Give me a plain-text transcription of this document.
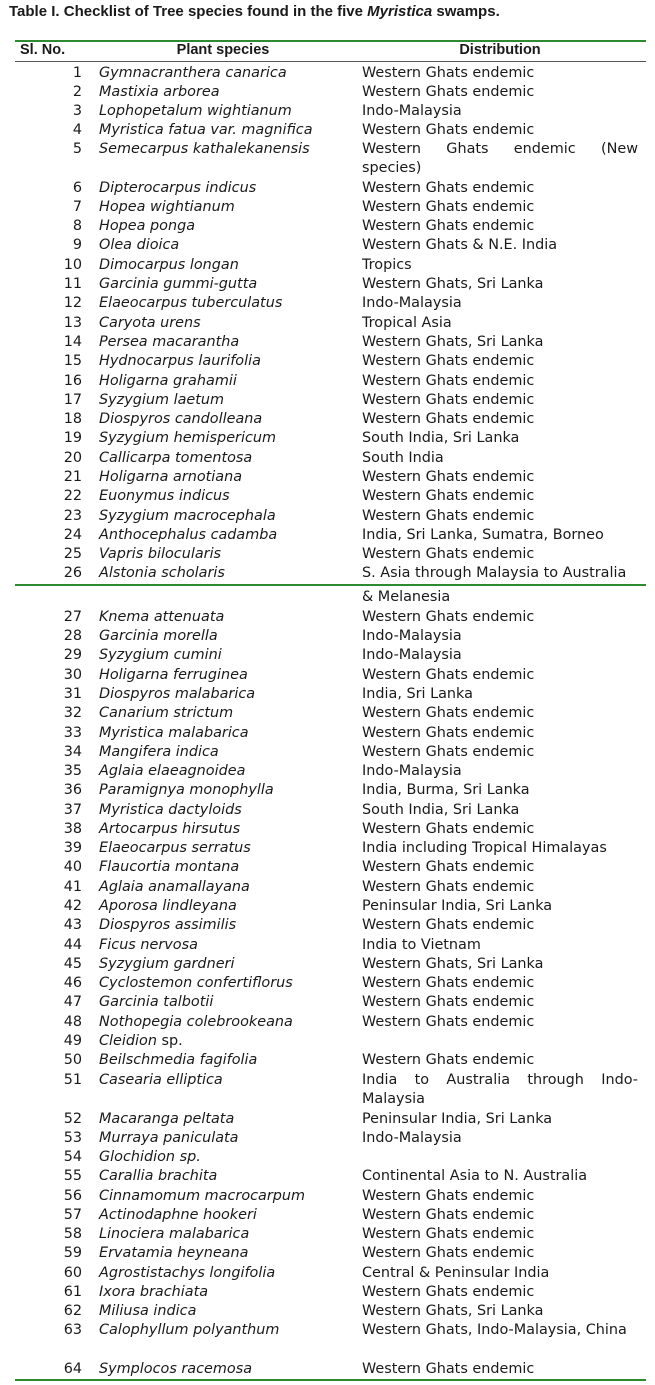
Table I. Checklist of Tree species found in the five Myristica swamps.
Sl. No.	Plant species	Distribution
1 Gymnacranthera canarica	Western Ghats endemic
2 Mastixia arborea	Western Ghats endemic
3 Lophopetalum wightianum	Indo-Malaysia
4 Myristica fatua var. magnifica	Western Ghats endemic
5 Semecarpus kathalekanensis	Western Ghats endemic (New species)
6 Dipterocarpus indicus	Western Ghats endemic
7 Hopea wightianum	Western Ghats endemic
8 Hopea ponga	Western Ghats endemic
9 Olea dioica	Western Ghats & N.E. India
10 Dimocarpus longan	Tropics
11 Garcinia gummi-gutta	Western Ghats, Sri Lanka
12 Elaeocarpus tuberculatus	Indo-Malaysia
13 Caryota urens	Tropical Asia
14 Persea macarantha	Western Ghats, Sri Lanka
15 Hydnocarpus laurifolia	Western Ghats endemic
16 Holigarna grahamii	Western Ghats endemic
17 Syzygium laetum	Western Ghats endemic
18 Diospyros candolleana	Western Ghats endemic
19 Syzygium hemispericum	South India, Sri Lanka
20 Callicarpa tomentosa	South India
21 Holigarna arnotiana	Western Ghats endemic
22 Euonymus indicus	Western Ghats endemic
23 Syzygium macrocephala	Western Ghats endemic
24 Anthocephalus cadamba	India, Sri Lanka, Sumatra, Borneo
25 Vapris bilocularis	Western Ghats endemic
26 Alstonia scholaris	S. Asia through Malaysia to Australia
& Melanesia
27 Knema attenuata	Western Ghats endemic
28 Garcinia morella	Indo-Malaysia
29 Syzygium cumini	Indo-Malaysia
30 Holigarna ferruginea	Western Ghats endemic
31 Diospyros malabarica	India, Sri Lanka
32 Canarium strictum	Western Ghats endemic
33 Myristica malabarica	Western Ghats endemic
34 Mangifera indica	Western Ghats endemic
35 Aglaia elaeagnoidea	Indo-Malaysia
36 Paramignya monophylla	India, Burma, Sri Lanka
37 Myristica dactyloids	South India, Sri Lanka
38 Artocarpus hirsutus	Western Ghats endemic
39 Elaeocarpus serratus	India including Tropical Himalayas
40 Flaucortia montana	Western Ghats endemic
41 Aglaia anamallayana	Western Ghats endemic
42 Aporosa lindleyana	Peninsular India, Sri Lanka
43 Diospyros assimilis	Western Ghats endemic
44 Ficus nervosa	India to Vietnam
45 Syzygium gardneri	Western Ghats, Sri Lanka
46 Cyclostemon confertiflorus	Western Ghats endemic
47 Garcinia talbotii	Western Ghats endemic
48 Nothopegia colebrookeana	Western Ghats endemic
49 Cleidion sp.
50 Beilschmedia fagifolia	Western Ghats endemic
51 Casearia elliptica	India to Australia through Indo-Malaysia
52 Macaranga peltata	Peninsular India, Sri Lanka
53 Murraya paniculata	Indo-Malaysia
54 Glochidion sp.
55 Carallia brachita	Continental Asia to N. Australia
56 Cinnamomum macrocarpum	Western Ghats endemic
57 Actinodaphne hookeri	Western Ghats endemic
58 Linociera malabarica	Western Ghats endemic
59 Ervatamia heyneana	Western Ghats endemic
60 Agrostistachys longifolia	Central & Peninsular India
61 Ixora brachiata	Western Ghats endemic
62 Miliusa indica	Western Ghats, Sri Lanka
63 Calophyllum polyanthum	Western Ghats, Indo-Malaysia, China
64 Symplocos racemosa	Western Ghats endemic
